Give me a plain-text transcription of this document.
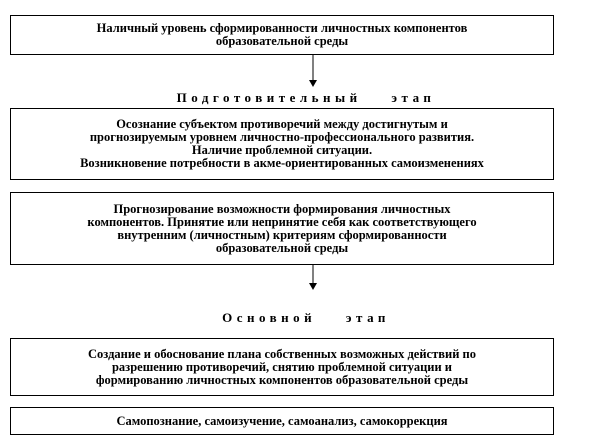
Наличный уровень сформированности личностных компонентов
образовательной среды
Подготовительный этап
Осознание субъектом противоречий между достигнутым и
прогнозируемым уровнем личностно-профессионального развития.
Наличие проблемной ситуации.
Возникновение потребности в акме-ориентированных самоизменениях
Прогнозирование возможности формирования личностных
компонентов. Принятие или непринятие себя как соответствующего
внутренним (личностным) критериям сформированности
образовательной среды
Основной этап
Создание и обоснование плана собственных возможных действий по
разрешению противоречий, снятию проблемной ситуации и
формированию личностных компонентов образовательной среды
Самопознание, самоизучение, самоанализ, самокоррекция
